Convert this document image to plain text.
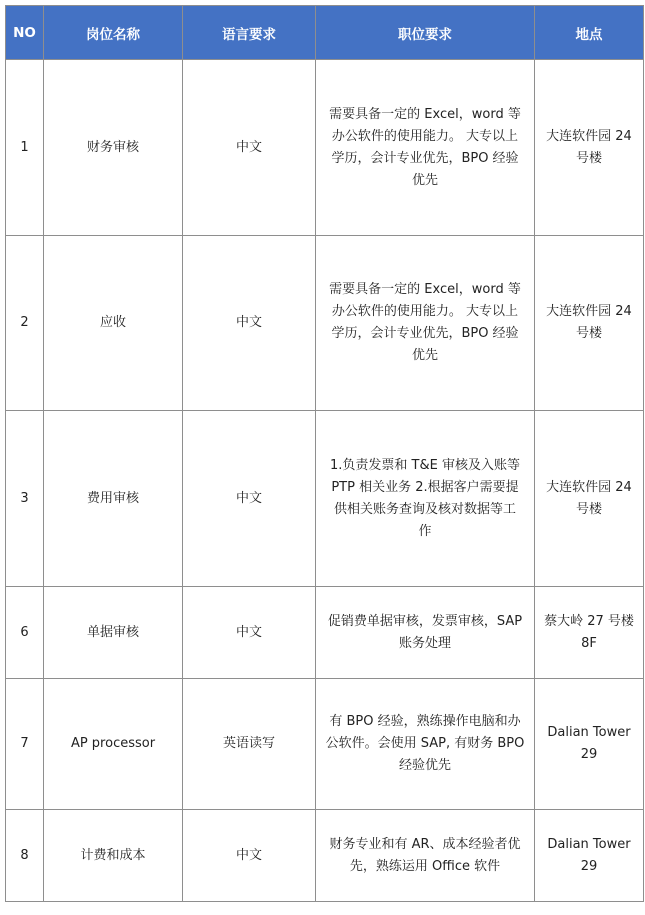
NO	岗位名称	语言要求	职位要求	地点
1	财务审核	中文	需要具备一定的 Excel，word 等
办公软件的使用能力。 大专以上
学历，会计专业优先，BPO 经验
优先	大连软件园 24
号楼

2	应收	中文	需要具备一定的 Excel，word 等
办公软件的使用能力。 大专以上
学历，会计专业优先，BPO 经验
优先	大连软件园 24
号楼

3	费用审核	中文	1.负责发票和 T&E 审核及入账等
PTP 相关业务 2.根据客户需要提
供相关账务查询及核对数据等工
作	大连软件园 24
号楼

6	单据审核	中文	促销费单据审核，发票审核，SAP
账务处理	蔡大岭 27 号楼
8F

7	AP processor	英语读写	有 BPO 经验，熟练操作电脑和办
公软件。会使用 SAP, 有财务 BPO
经验优先	Dalian Tower
29

8	计费和成本	中文	财务专业和有 AR、成本经验者优
先，熟练运用 Office 软件	Dalian Tower
29
